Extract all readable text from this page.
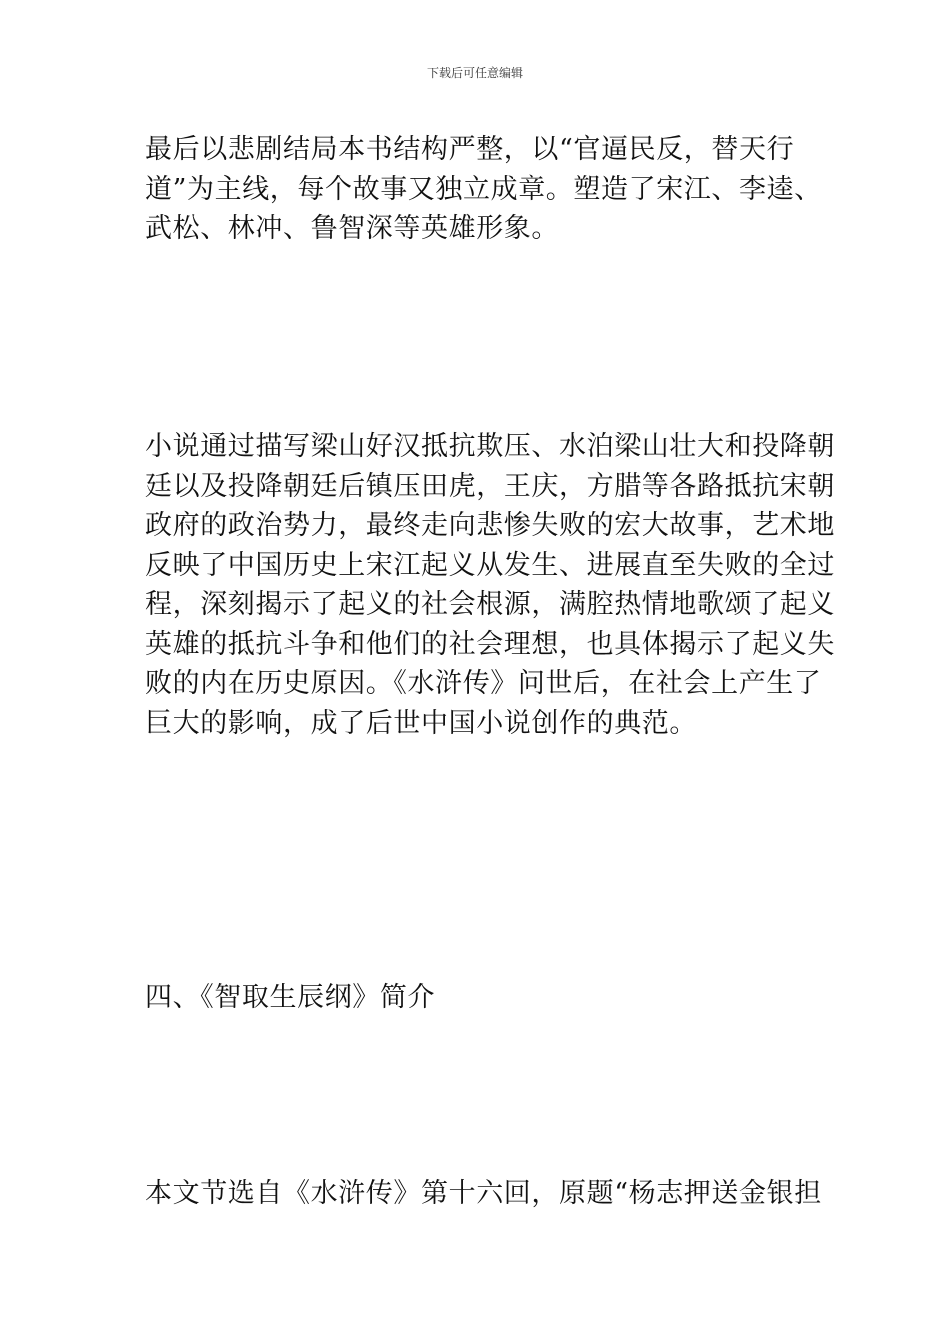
下载后可任意编辑
最后以悲剧结局本书结构严整，以“官逼民反，替天行
道”为主线，每个故事又独立成章。塑造了宋江、李逵、
武松、林冲、鲁智深等英雄形象。
小说通过描写梁山好汉抵抗欺压、水泊梁山壮大和投降朝
廷以及投降朝廷后镇压田虎，王庆，方腊等各路抵抗宋朝
政府的政治势力，最终走向悲惨失败的宏大故事，艺术地
反映了中国历史上宋江起义从发生、进展直至失败的全过
程，深刻揭示了起义的社会根源，满腔热情地歌颂了起义
英雄的抵抗斗争和他们的社会理想，也具体揭示了起义失
败的内在历史原因。《水浒传》问世后，在社会上产生了
巨大的影响，成了后世中国小说创作的典范。
四、《智取生辰纲》简介
本文节选自《水浒传》第十六回，原题“杨志押送金银担
